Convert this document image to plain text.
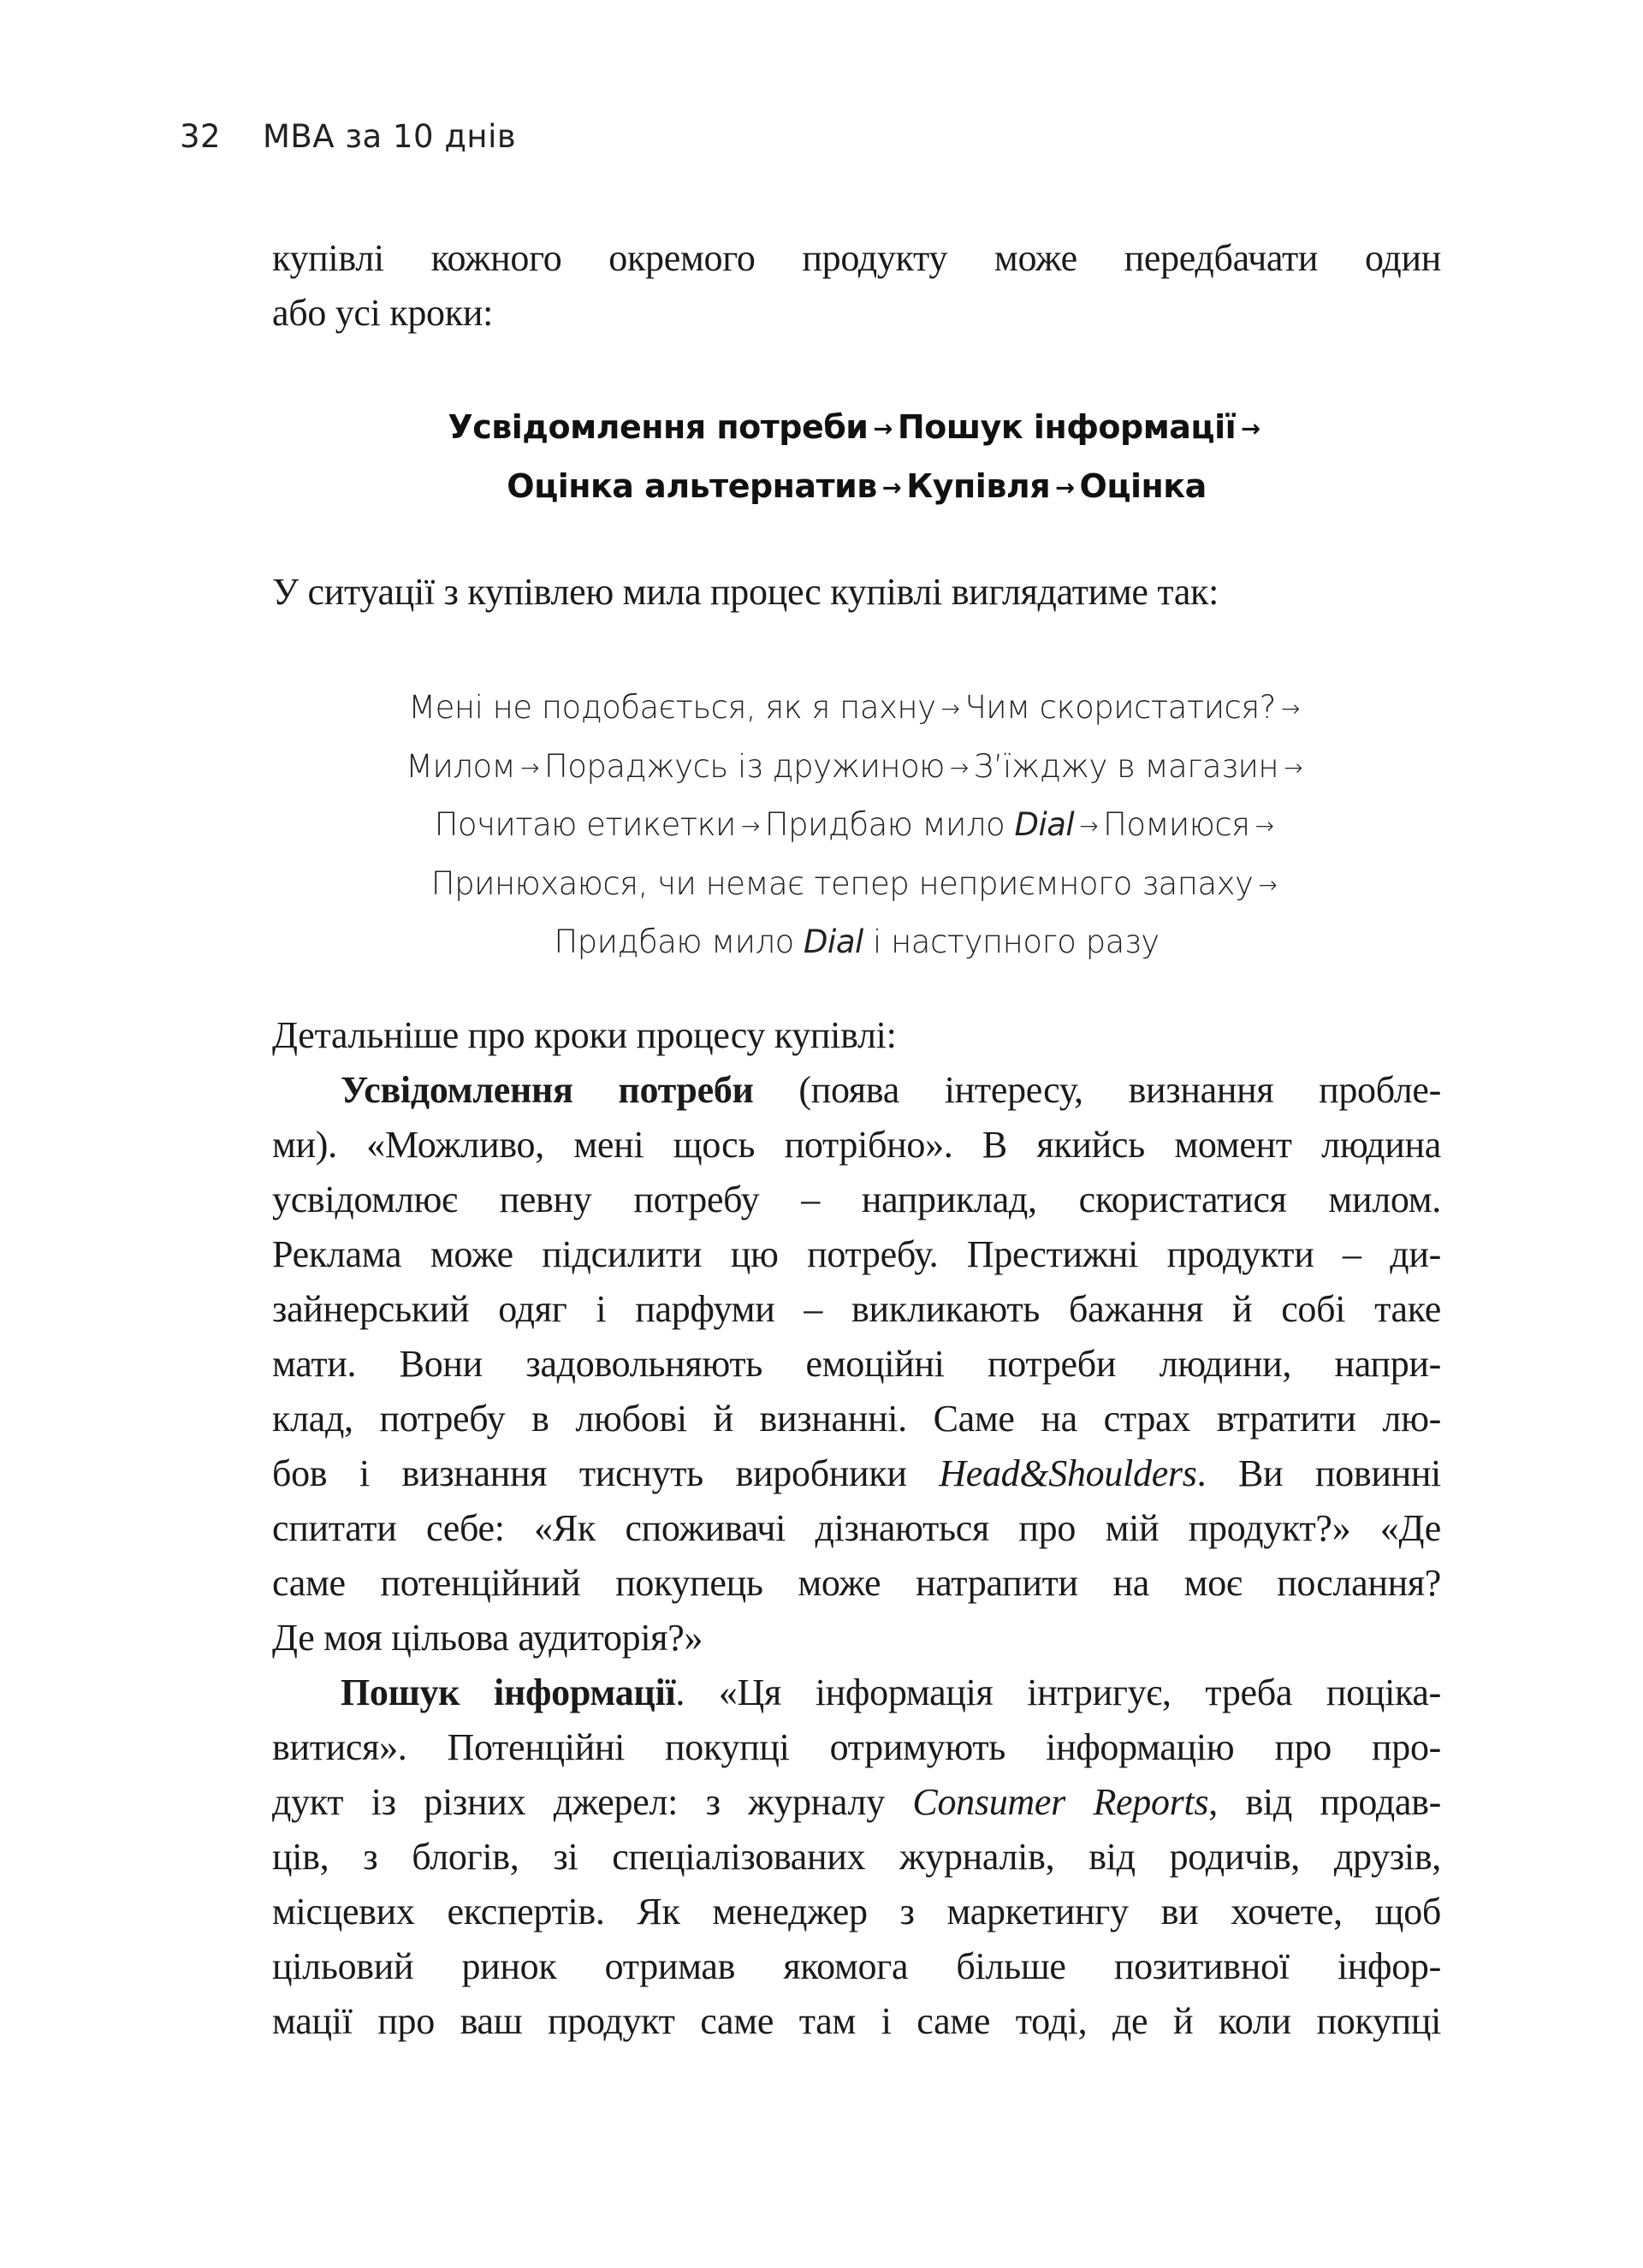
32 MBA за 10 днів
купівлі кожного окремого продукту може передбачати один
або усі кроки:
Усвідомлення потреби → Пошук інформації →
Оцінка альтернатив → Купівля → Оцінка
У ситуації з купівлею мила процес купівлі виглядатиме так:
Мені не подобається, як я пахну → Чим скористатися? →
Милом → Пораджусь із дружиною → З’їжджу в магазин →
Почитаю етикетки → Придбаю мило Dial → Помиюся →
Принюхаюся, чи немає тепер неприємного запаху →
Придбаю мило Dial і наступного разу
Детальніше про кроки процесу купівлі:
Усвідомлення потреби (поява інтересу, визнання пробле-
ми). «Можливо, мені щось потрібно». В якийсь момент людина
усвідомлює певну потребу – наприклад, скористатися милом.
Реклама може підсилити цю потребу. Престижні продукти – ди-
зайнерський одяг і парфуми – викликають бажання й собі таке
мати. Вони задовольняють емоційні потреби людини, напри-
клад, потребу в любові й визнанні. Саме на страх втратити лю-
бов і визнання тиснуть виробники Head&Shoulders. Ви повинні
спитати себе: «Як споживачі дізнаються про мій продукт?» «Де
саме потенційний покупець може натрапити на моє послання?
Де моя цільова аудиторія?»
Пошук інформації. «Ця інформація інтригує, треба поціка-
витися». Потенційні покупці отримують інформацію про про-
дукт із різних джерел: з журналу Consumer Reports, від продав-
ців, з блогів, зі спеціалізованих журналів, від родичів, друзів,
місцевих експертів. Як менеджер з маркетингу ви хочете, щоб
цільовий ринок отримав якомога більше позитивної інфор-
мації про ваш продукт саме там і саме тоді, де й коли покупці
